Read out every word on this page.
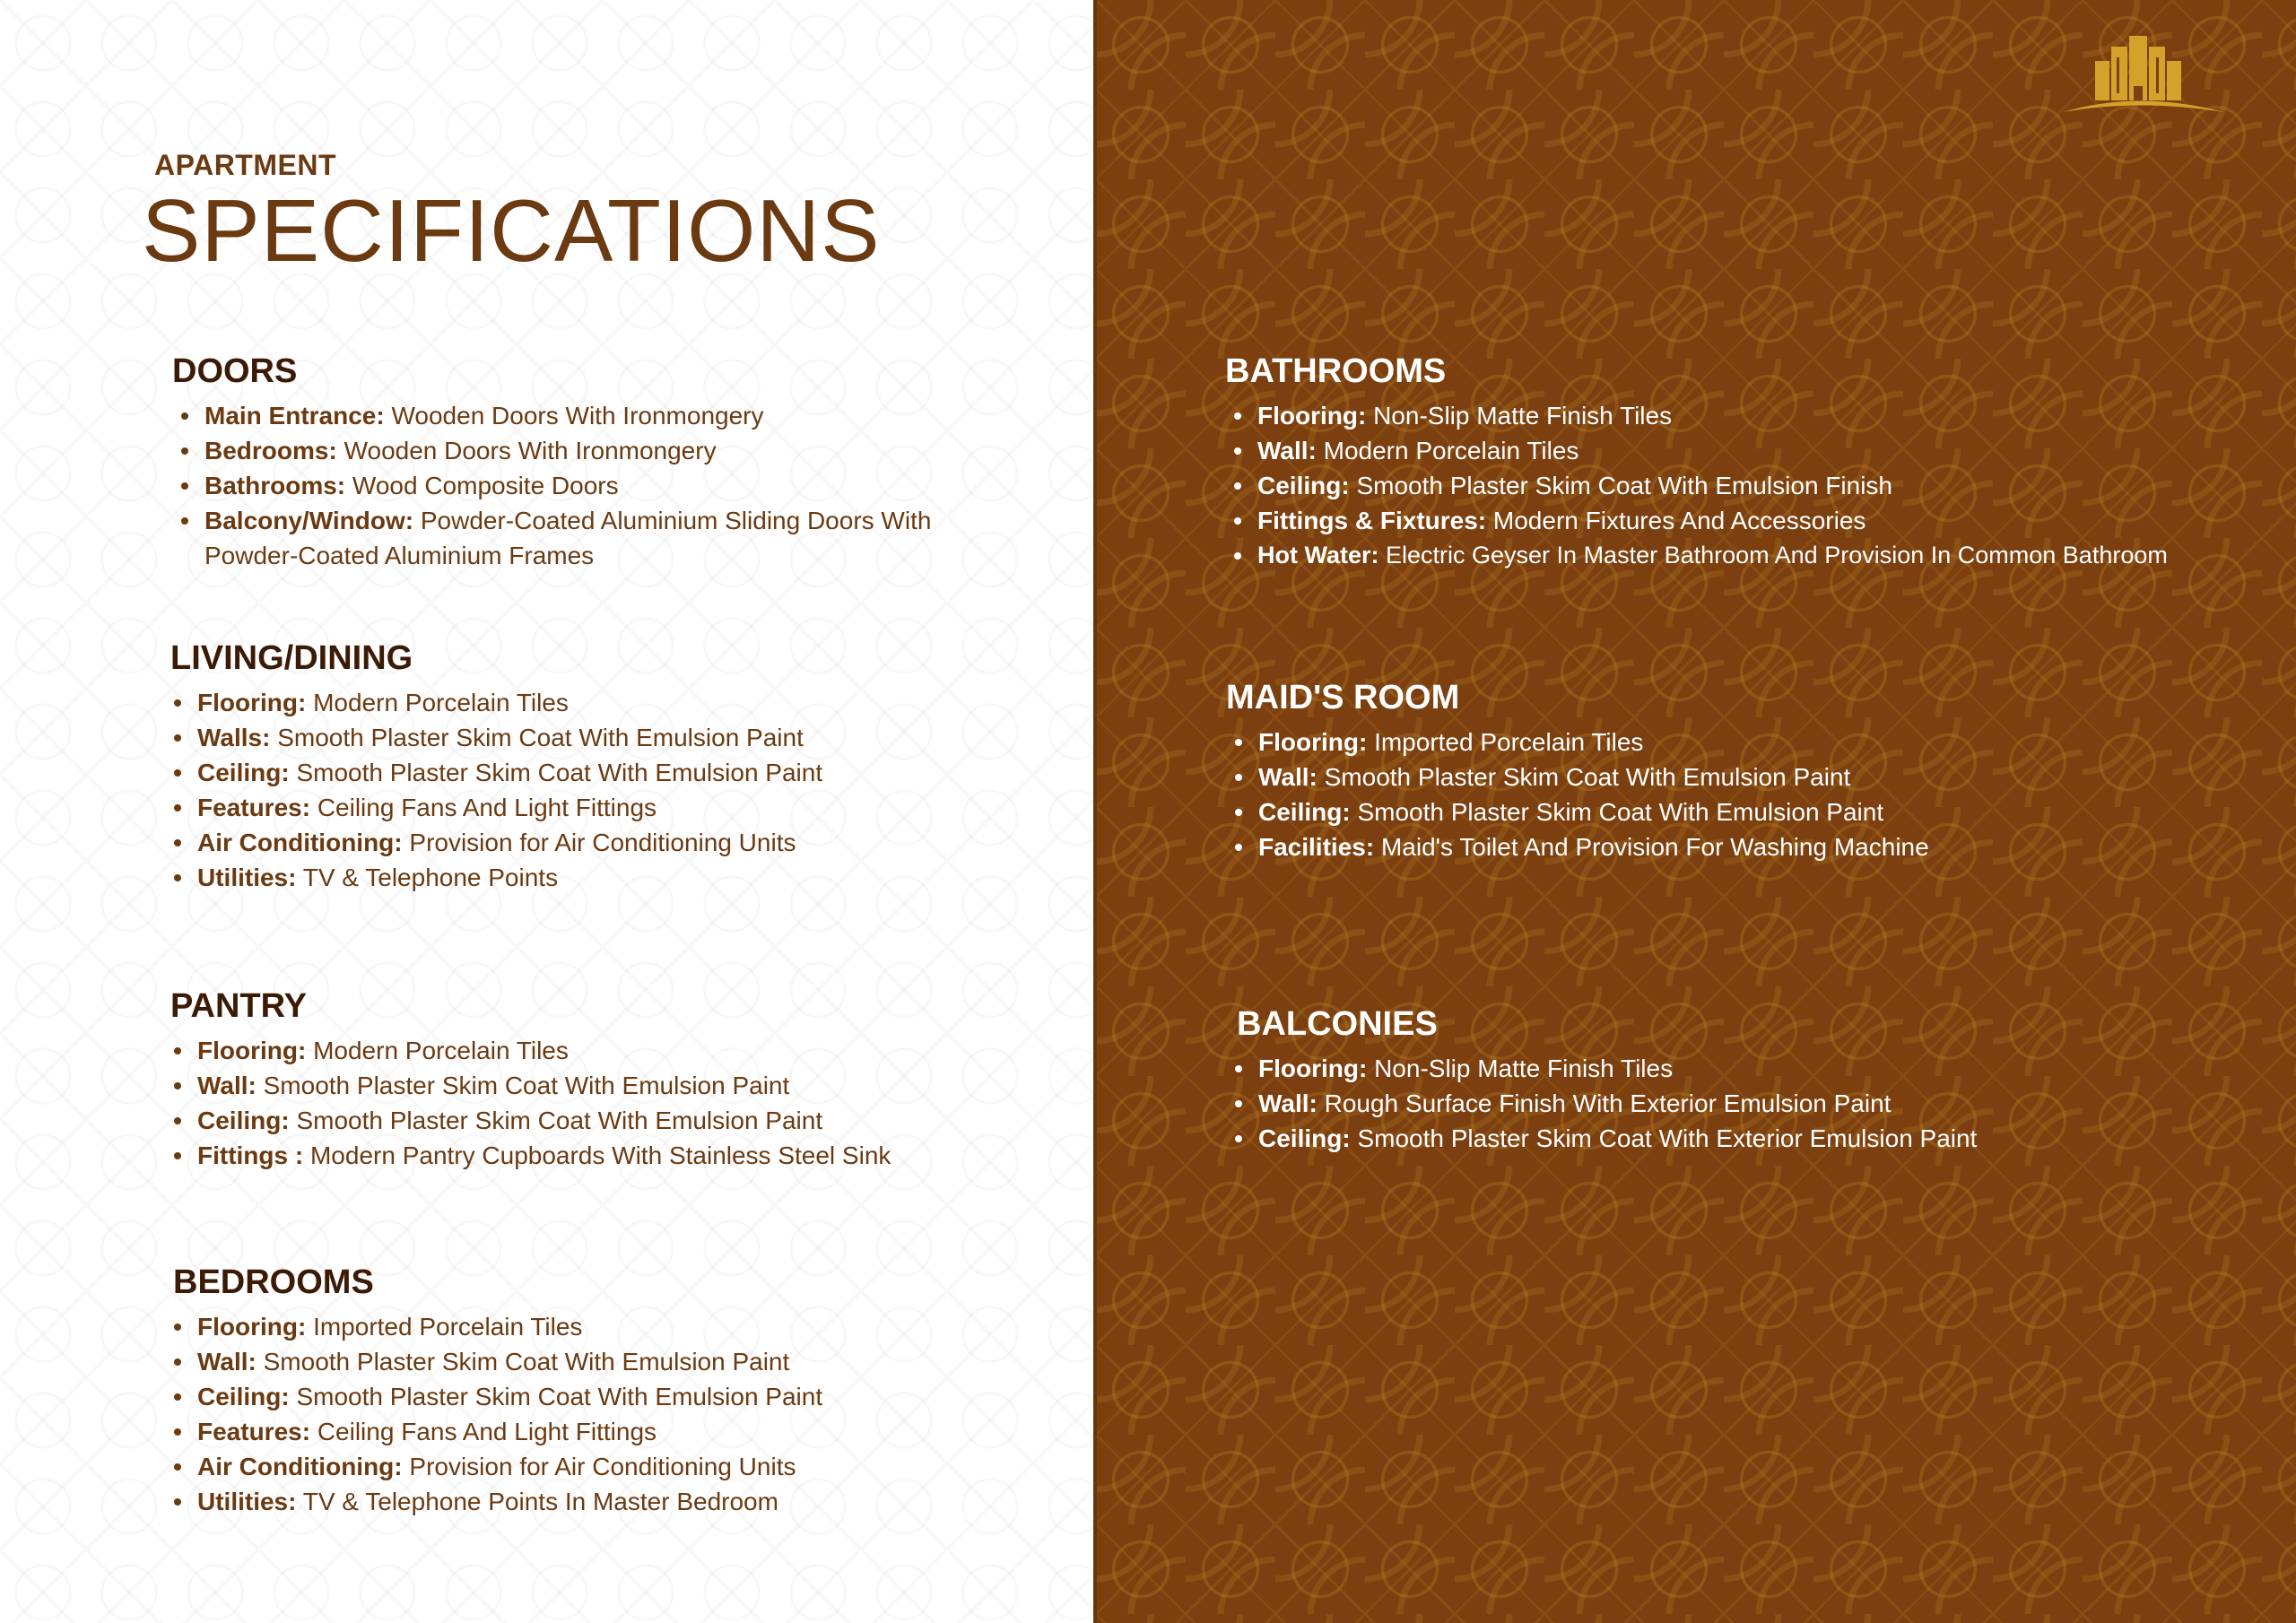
APARTMENT
SPECIFICATIONS
DOORS
Main Entrance: Wooden Doors With Ironmongery
Bedrooms: Wooden Doors With Ironmongery
Bathrooms: Wood Composite Doors
Balcony/Window: Powder-Coated Aluminium Sliding Doors With Powder-Coated Aluminium Frames
LIVING/DINING
Flooring: Modern Porcelain Tiles
Walls: Smooth Plaster Skim Coat With Emulsion Paint
Ceiling: Smooth Plaster Skim Coat With Emulsion Paint
Features: Ceiling Fans And Light Fittings
Air Conditioning: Provision for Air Conditioning Units
Utilities: TV & Telephone Points
PANTRY
Flooring: Modern Porcelain Tiles
Wall: Smooth Plaster Skim Coat With Emulsion Paint
Ceiling: Smooth Plaster Skim Coat With Emulsion Paint
Fittings : Modern Pantry Cupboards With Stainless Steel Sink
BEDROOMS
Flooring: Imported Porcelain Tiles
Wall: Smooth Plaster Skim Coat With Emulsion Paint
Ceiling: Smooth Plaster Skim Coat With Emulsion Paint
Features: Ceiling Fans And Light Fittings
Air Conditioning: Provision for Air Conditioning Units
Utilities: TV & Telephone Points In Master Bedroom
BATHROOMS
Flooring: Non-Slip Matte Finish Tiles
Wall: Modern Porcelain Tiles
Ceiling: Smooth Plaster Skim Coat With Emulsion Finish
Fittings & Fixtures: Modern Fixtures And Accessories
Hot Water: Electric Geyser In Master Bathroom And Provision In Common Bathroom
MAID'S ROOM
Flooring: Imported Porcelain Tiles
Wall: Smooth Plaster Skim Coat With Emulsion Paint
Ceiling: Smooth Plaster Skim Coat With Emulsion Paint
Facilities: Maid's Toilet And Provision For Washing Machine
BALCONIES
Flooring: Non-Slip Matte Finish Tiles
Wall: Rough Surface Finish With Exterior Emulsion Paint
Ceiling: Smooth Plaster Skim Coat With Exterior Emulsion Paint
